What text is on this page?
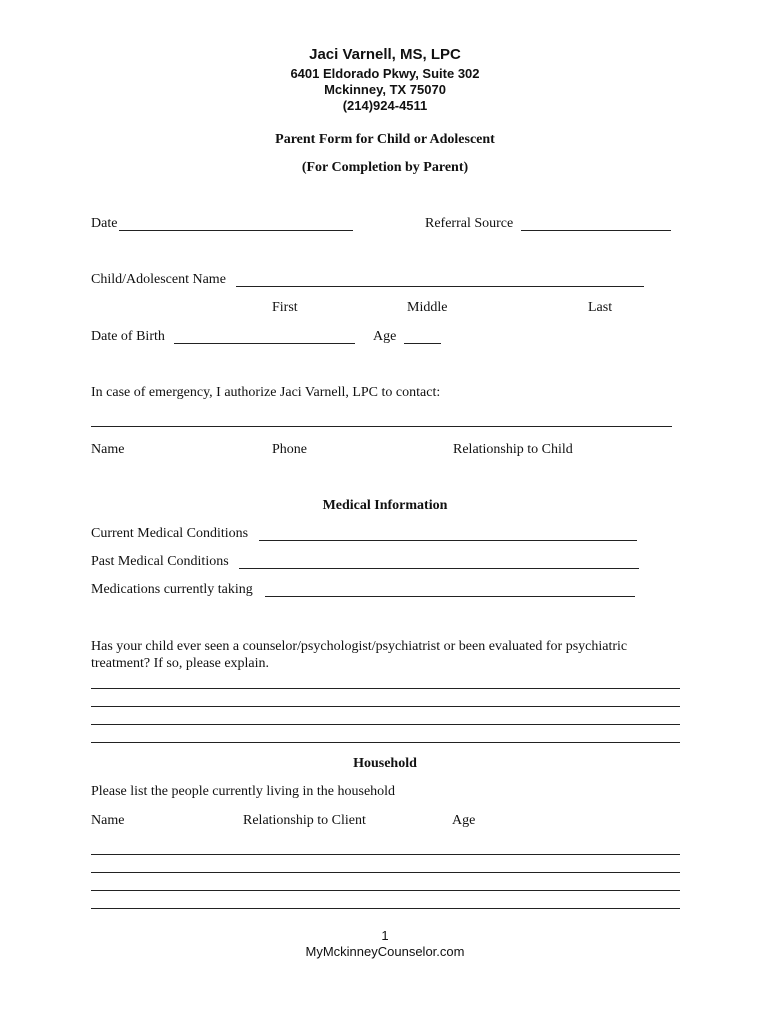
Jaci Varnell, MS, LPC
6401 Eldorado Pkwy, Suite 302
Mckinney, TX 75070
(214)924-4511
Parent Form for Child or Adolescent
(For Completion by Parent)
Date	Referral Source
Child/Adolescent Name
First	Middle	Last
Date of Birth	Age
In case of emergency, I authorize Jaci Varnell, LPC to contact:
Name	Phone	Relationship to Child
Medical Information
Current Medical Conditions
Past Medical Conditions
Medications currently taking
Has your child ever seen a counselor/psychologist/psychiatrist or been evaluated for psychiatric
treatment? If so, please explain.
Household
Please list the people currently living in the household
Name	Relationship to Client	Age
1
MyMckinneyCounselor.com
